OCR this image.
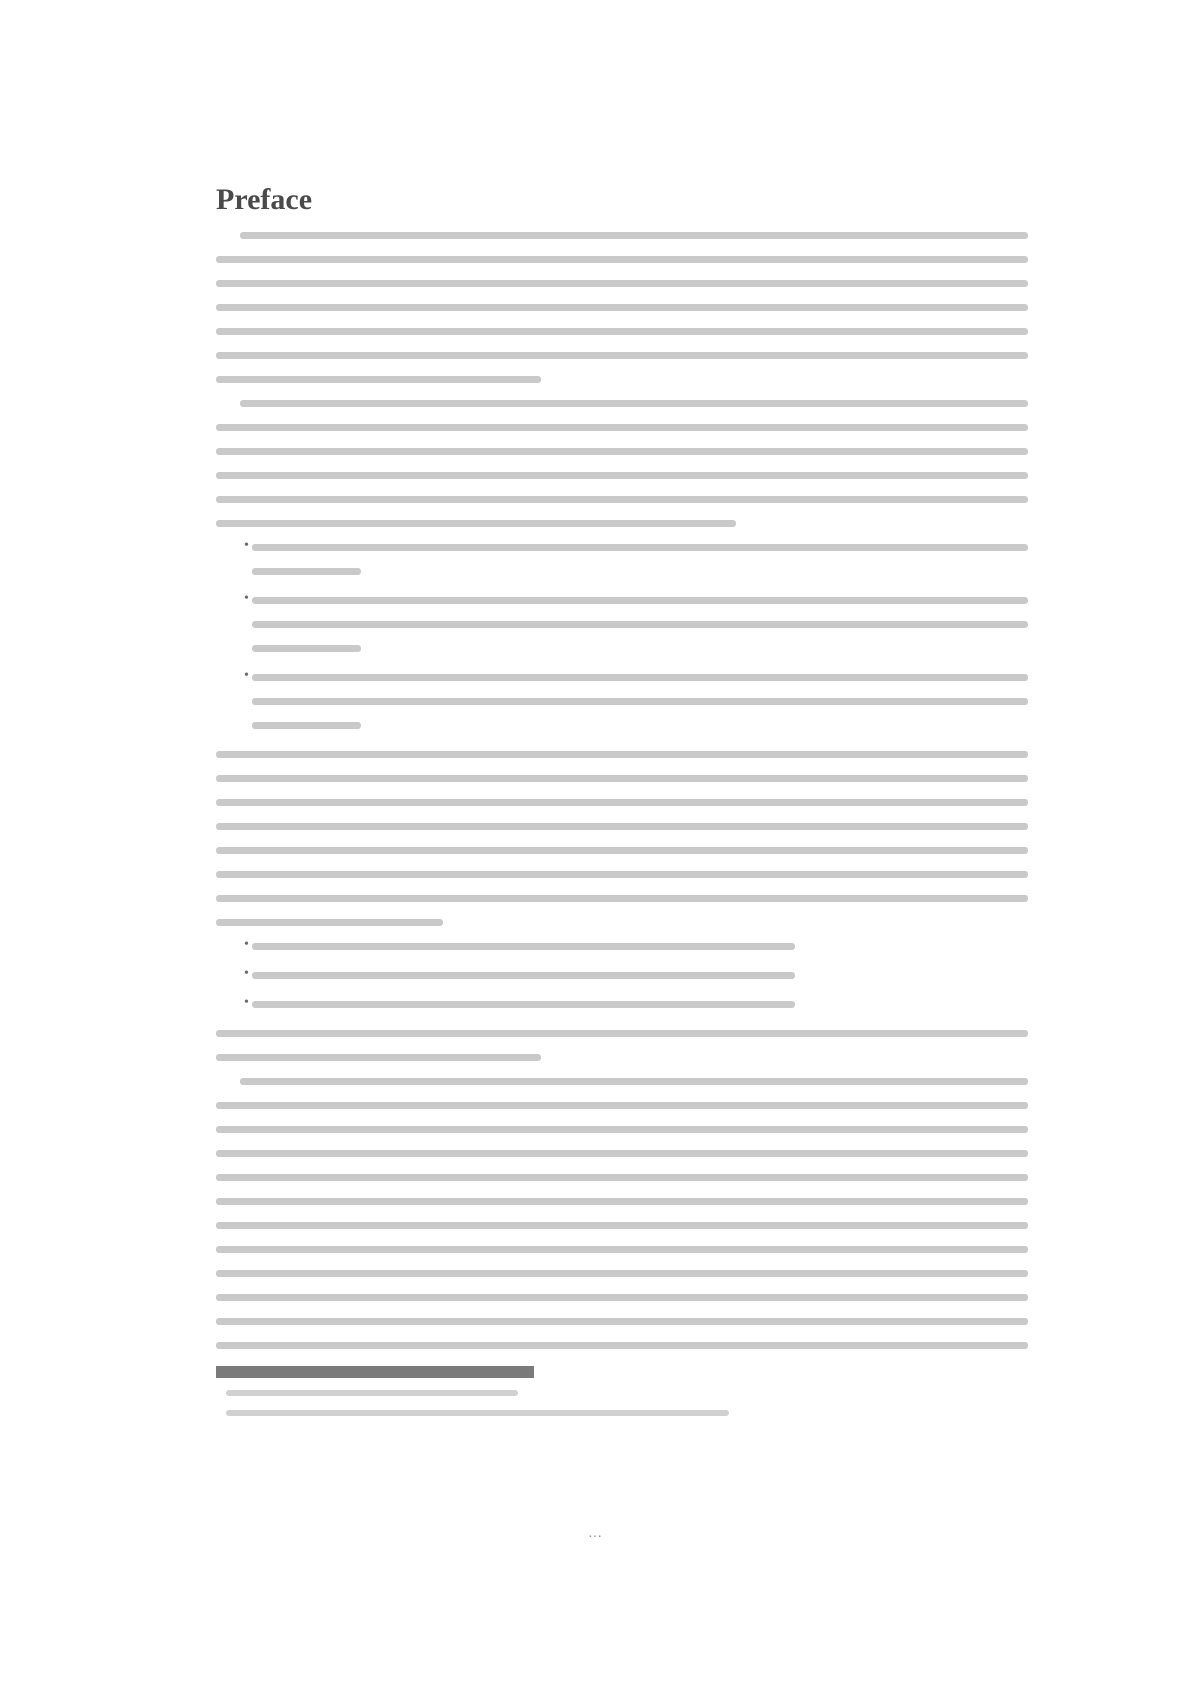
Preface
•
•
•
•
•
•
···
